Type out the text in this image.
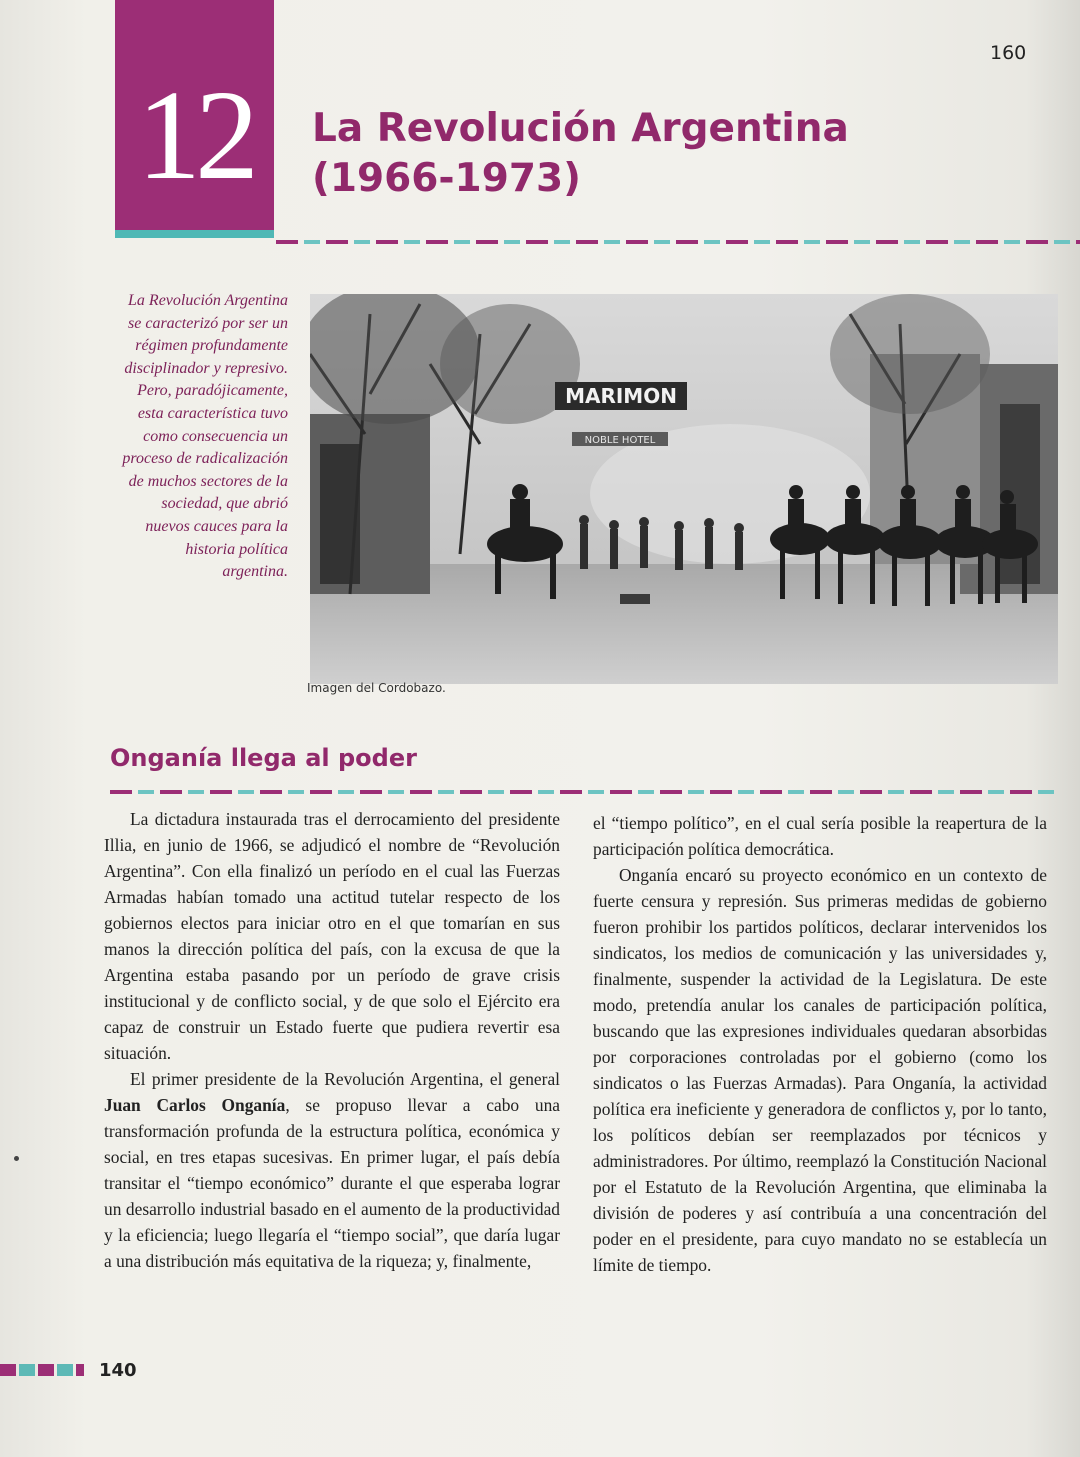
160
12	La Revolución Argentina
(1966-1973)
La Revolución Argentina se caracterizó por ser un régimen profundamente disciplinador y represivo. Pero, paradójicamente, esta característica tuvo como consecuencia un proceso de radicalización de muchos sectores de la sociedad, que abrió nuevos cauces para la historia política argentina.
MARIMON
NOBLE HOTEL
Imagen del Cordobazo.
Onganía llega al poder

La dictadura instaurada tras el derrocamiento del presidente Illia, en junio de 1966, se adjudicó el nombre de “Revolución Argentina”. Con ella finalizó un período en el cual las Fuerzas Armadas habían tomado una actitud tutelar respecto de los gobiernos electos para iniciar otro en el que tomarían en sus manos la dirección política del país, con la excusa de que la Argentina estaba pasando por un período de grave crisis institucional y de conflicto social, y de que solo el Ejército era capaz de construir un Estado fuerte que pudiera revertir esa situación.

El primer presidente de la Revolución Argentina, el general Juan Carlos Onganía, se propuso llevar a cabo una transformación profunda de la estructura política, económica y social, en tres etapas sucesivas. En primer lugar, el país debía transitar el “tiempo económico” durante el que esperaba lograr un desarrollo industrial basado en el aumento de la productividad y la eficiencia; luego llegaría el “tiempo social”, que daría lugar a una distribución más equitativa de la riqueza; y, finalmente,

el “tiempo político”, en el cual sería posible la reapertura de la participación política democrática.

Onganía encaró su proyecto económico en un contexto de fuerte censura y represión. Sus primeras medidas de gobierno fueron prohibir los partidos políticos, declarar intervenidos los sindicatos, los medios de comunicación y las universidades y, finalmente, suspender la actividad de la Legislatura. De este modo, pretendía anular los canales de participación política, buscando que las expresiones individuales quedaran absorbidas por corporaciones controladas por el gobierno (como los sindicatos o las Fuerzas Armadas). Para Onganía, la actividad política era ineficiente y generadora de conflictos y, por lo tanto, los políticos debían ser reemplazados por técnicos y administradores. Por último, reemplazó la Constitución Nacional por el Estatuto de la Revolución Argentina, que eliminaba la división de poderes y así contribuía a una concentración del poder en el presidente, para cuyo mandato no se establecía un límite de tiempo.

140
